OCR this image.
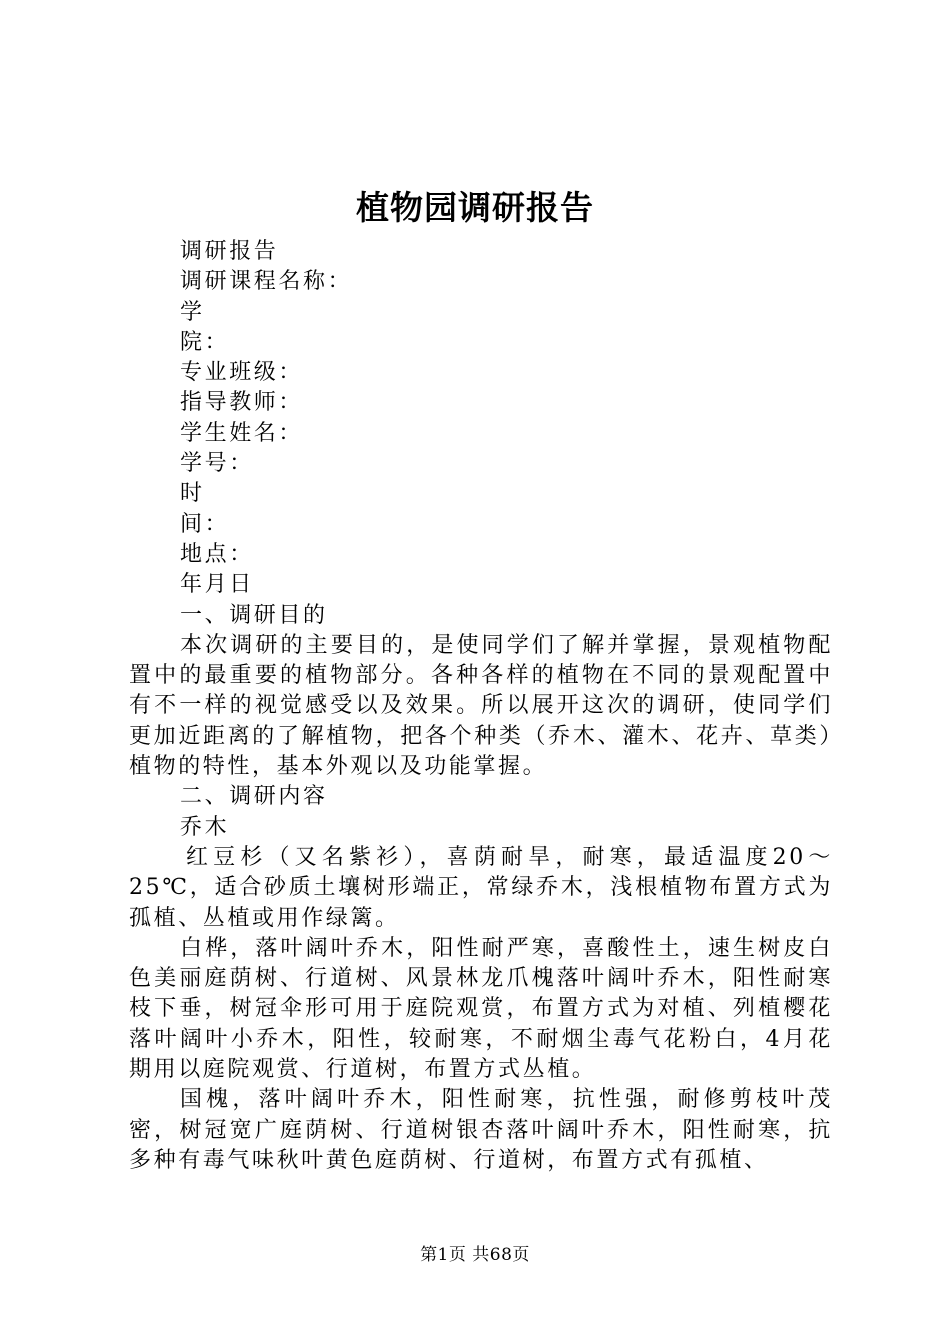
植物园调研报告
调研报告
调研课程名称：
学
院：
专业班级：
指导教师：
学生姓名：
学号：
时
间：
地点：
年月日
一、调研目的

本次调研的主要目的，是使同学们了解并掌握，景观植物配置中的最重要的植物部分。各种各样的植物在不同的景观配置中有不一样的视觉感受以及效果。所以展开这次的调研，使同学们更加近距离的了解植物，把各个种类（乔木、灌木、花卉、草类）植物的特性，基本外观以及功能掌握。

二、调研内容
乔木

红豆杉（又名紫衫），喜荫耐旱，耐寒，最适温度20～25℃，适合砂质土壤树形端正，常绿乔木，浅根植物布置方式为孤植、丛植或用作绿篱。

白桦，落叶阔叶乔木，阳性耐严寒，喜酸性土，速生树皮白色美丽庭荫树、行道树、风景林龙爪槐落叶阔叶乔木，阳性耐寒枝下垂，树冠伞形可用于庭院观赏，布置方式为对植、列植樱花落叶阔叶小乔木，阳性，较耐寒，不耐烟尘毒气花粉白，4月花期用以庭院观赏、行道树，布置方式丛植。

国槐，落叶阔叶乔木，阳性耐寒，抗性强，耐修剪枝叶茂密，树冠宽广庭荫树、行道树银杏落叶阔叶乔木，阳性耐寒，抗多种有毒气味秋叶黄色庭荫树、行道树，布置方式有孤植、

第1页 共68页
